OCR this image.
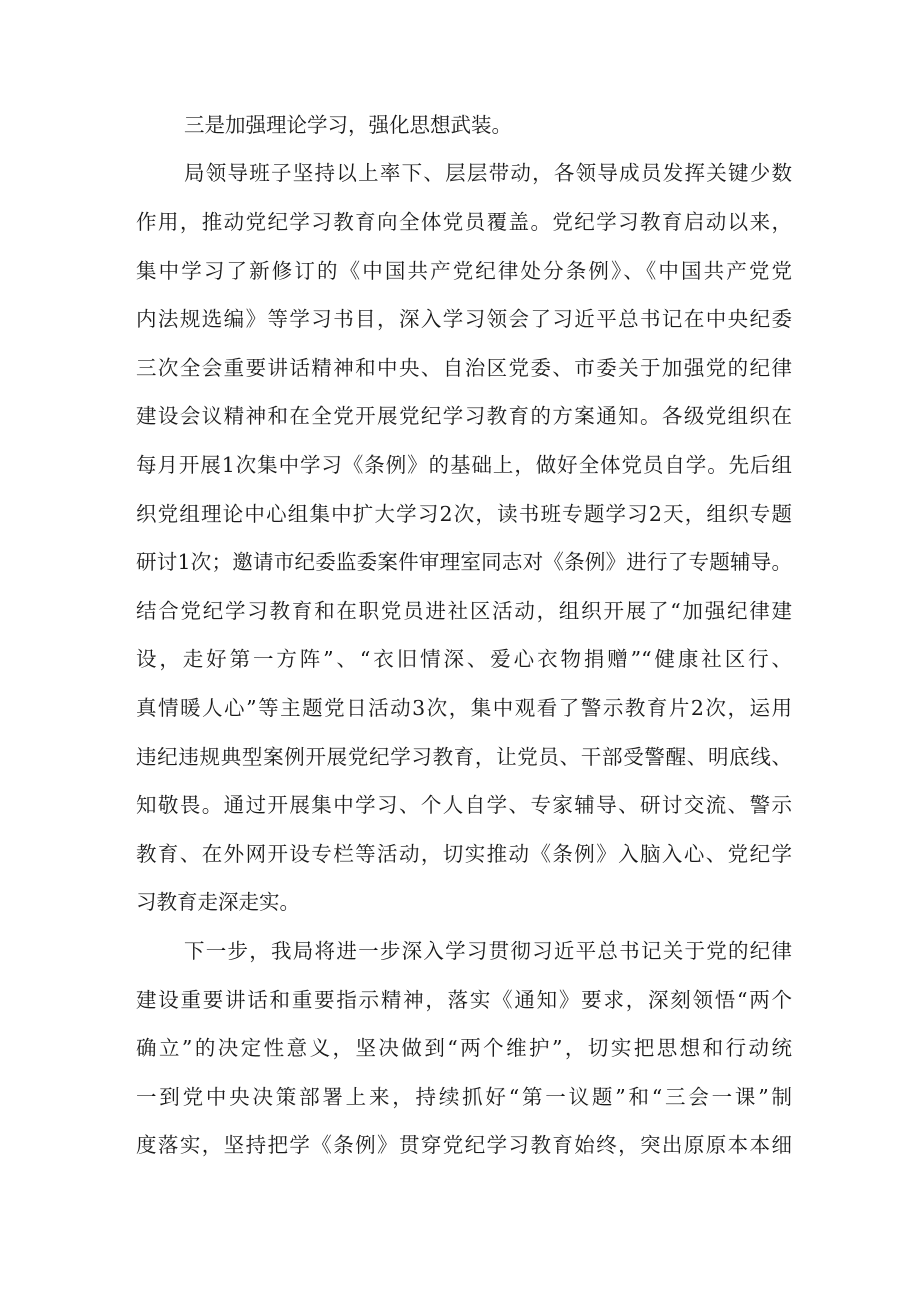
三是加强理论学习，强化思想武装。
局领导班子坚持以上率下、层层带动，各领导成员发挥关键少数
作用，推动党纪学习教育向全体党员覆盖。党纪学习教育启动以来，
集中学习了新修订的《中国共产党纪律处分条例》、《中国共产党党
内法规选编》等学习书目，深入学习领会了习近平总书记在中央纪委
三次全会重要讲话精神和中央、自治区党委、市委关于加强党的纪律
建设会议精神和在全党开展党纪学习教育的方案通知。各级党组织在
每月开展1次集中学习《条例》的基础上，做好全体党员自学。先后组
织党组理论中心组集中扩大学习2次，读书班专题学习2天，组织专题
研讨1次；邀请市纪委监委案件审理室同志对《条例》进行了专题辅导。
结合党纪学习教育和在职党员进社区活动，组织开展了“加强纪律建
设，走好第一方阵”、“衣旧情深、爱心衣物捐赠”“健康社区行、
真情暖人心”等主题党日活动3次，集中观看了警示教育片2次，运用
违纪违规典型案例开展党纪学习教育，让党员、干部受警醒、明底线、
知敬畏。通过开展集中学习、个人自学、专家辅导、研讨交流、警示
教育、在外网开设专栏等活动，切实推动《条例》入脑入心、党纪学
习教育走深走实。
下一步，我局将进一步深入学习贯彻习近平总书记关于党的纪律
建设重要讲话和重要指示精神，落实《通知》要求，深刻领悟“两个
确立”的决定性意义，坚决做到“两个维护”，切实把思想和行动统
一到党中央决策部署上来，持续抓好“第一议题”和“三会一课”制
度落实，坚持把学《条例》贯穿党纪学习教育始终，突出原原本本细
